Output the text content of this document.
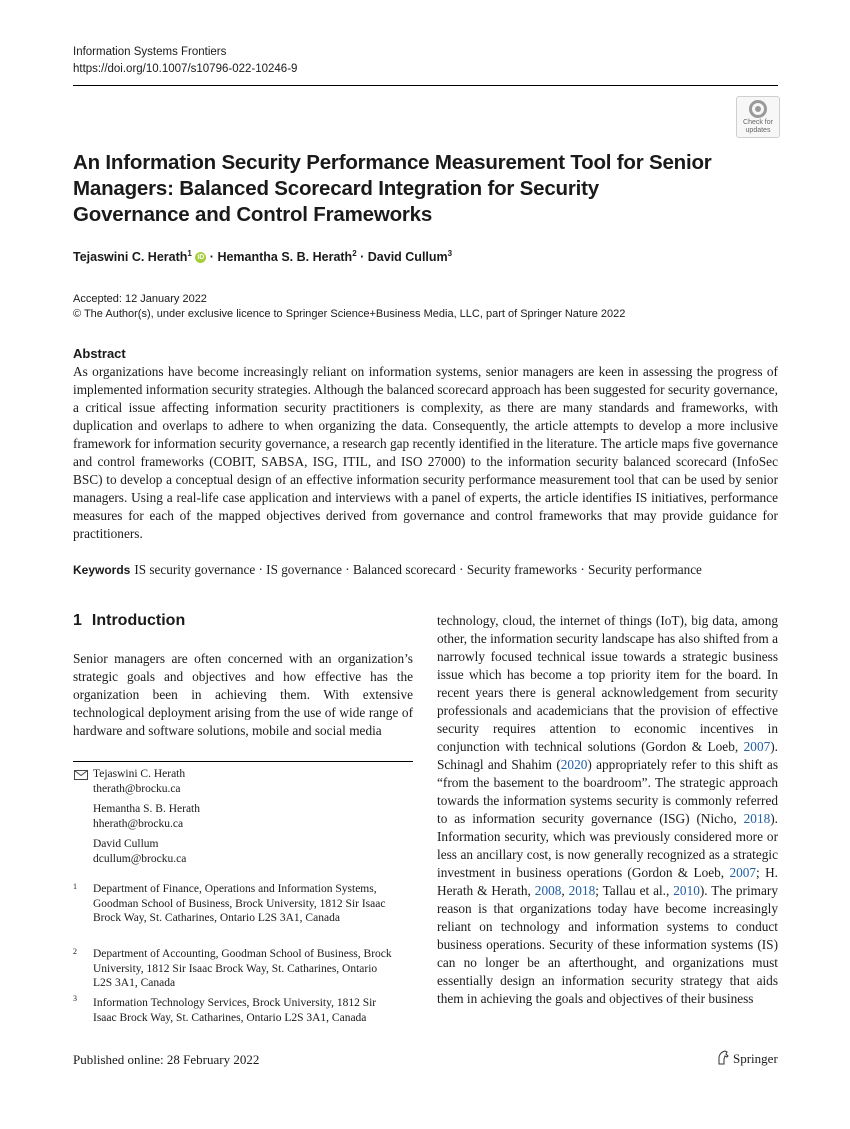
Information Systems Frontiers
https://doi.org/10.1007/s10796-022-10246-9
Check for
updates
An Information Security Performance Measurement Tool for Senior Managers: Balanced Scorecard Integration for Security Governance and Control Frameworks
Tejaswini C. Herath$^1$ iD · Hemantha S. B. Herath$^2$ · David Cullum$^3$
Accepted: 12 January 2022
© The Author(s), under exclusive licence to Springer Science+Business Media, LLC, part of Springer Nature 2022
Abstract
As organizations have become increasingly reliant on information systems, senior managers are keen in assessing the progress of implemented information security strategies. Although the balanced scorecard approach has been suggested for security governance, a critical issue affecting information security practitioners is complexity, as there are many standards and frameworks, with duplication and overlaps to adhere to when organizing the data. Consequently, the article attempts to develop a more inclusive framework for information security governance, a research gap recently identified in the literature. The article maps five governance and control frameworks (COBIT, SABSA, ISG, ITIL, and ISO 27000) to the information security balanced scorecard (InfoSec BSC) to develop a conceptual design of an effective information security performance measurement tool that can be used by senior managers. Using a real-life case application and interviews with a panel of experts, the article identifies IS initiatives, performance measures for each of the mapped objectives derived from governance and control frameworks that may provide guidance for practitioners.
Keywords IS security governance · IS governance · Balanced scorecard · Security frameworks · Security performance
1 Introduction
Senior managers are often concerned with an organization’s strategic goals and objectives and how effective has the organization been in achieving them. With extensive technological deployment arising from the use of wide range of hardware and software solutions, mobile and social media
technology, cloud, the internet of things (IoT), big data, among other, the information security landscape has also shifted from a narrowly focused technical issue towards a strategic business issue which has become a top priority item for the board. In recent years there is general acknowledgement from security professionals and academicians that the provision of effective security requires attention to economic incentives in conjunction with technical solutions (Gordon & Loeb, 2007). Schinagl and Shahim (2020) appropriately refer to this shift as “from the basement to the boardroom”. The strategic approach towards the information systems security is commonly referred to as information security governance (ISG) (Nicho, 2018). Information security, which was previously considered more or less an ancillary cost, is now generally recognized as a strategic investment in business operations (Gordon & Loeb, 2007; H. Herath & Herath, 2008, 2018; Tallau et al., 2010). The primary reason is that organizations today have become increasingly reliant on technology and information systems to conduct business operations. Security of these information systems (IS) can no longer be an afterthought, and organizations must essentially design an information security strategy that aids them in achieving the goals and objectives of their business
Tejaswini C. Herath
therath@brocku.ca
Hemantha S. B. Herath
hherath@brocku.ca
David Cullum
dcullum@brocku.ca
1 Department of Finance, Operations and Information Systems, Goodman School of Business, Brock University, 1812 Sir Isaac Brock Way, St. Catharines, Ontario L2S 3A1, Canada
2 Department of Accounting, Goodman School of Business, Brock University, 1812 Sir Isaac Brock Way, St. Catharines, Ontario L2S 3A1, Canada
3 Information Technology Services, Brock University, 1812 Sir Isaac Brock Way, St. Catharines, Ontario L2S 3A1, Canada
Published online: 28 February 2022	Springer
